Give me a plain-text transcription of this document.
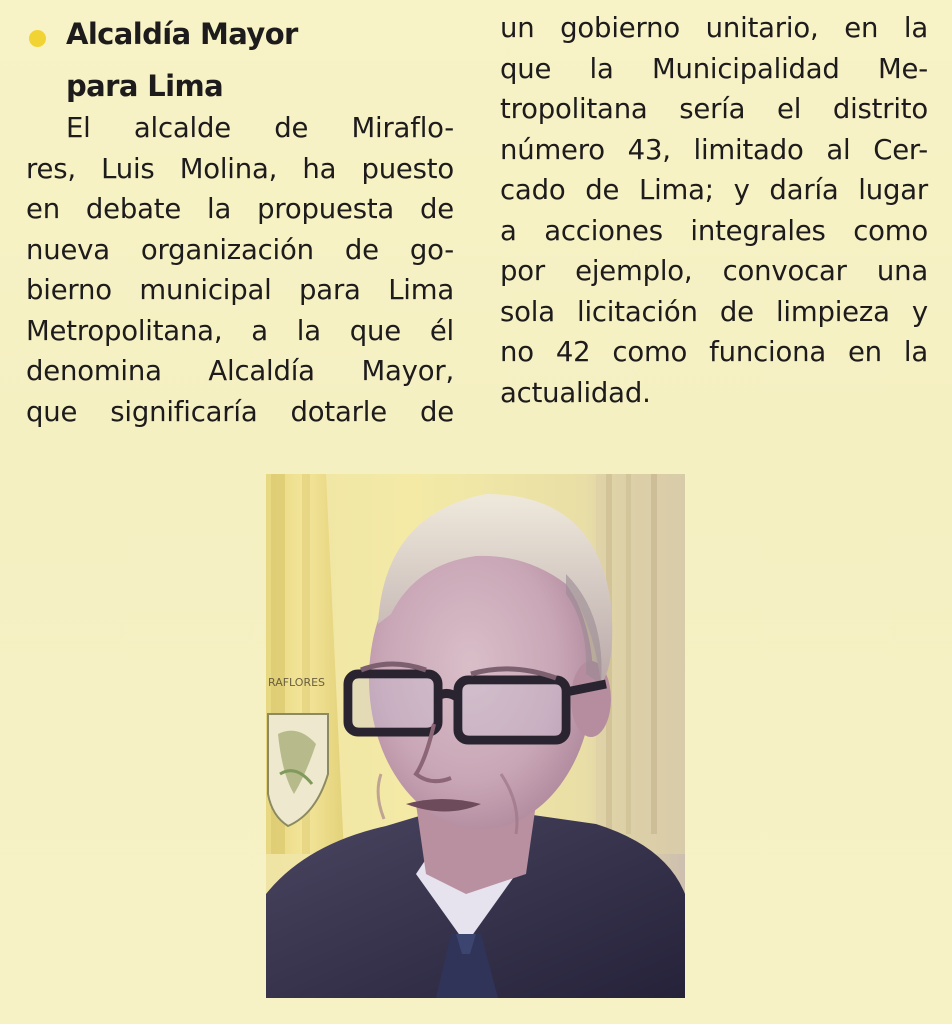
Alcaldía Mayor
para Lima
El alcalde de Miraflo-
res, Luis Molina, ha puesto
en debate la propuesta de
nueva organización de go-
bierno municipal para Lima
Metropolitana, a la que él
denomina Alcaldía Mayor,
que significaría dotarle de
un gobierno unitario, en la
que la Municipalidad Me-
tropolitana sería el distrito
número 43, limitado al Cer-
cado de Lima; y daría lugar
a acciones integrales como
por ejemplo, convocar una
sola licitación de limpieza y
no 42 como funciona en la
actualidad.
RAFLORES
